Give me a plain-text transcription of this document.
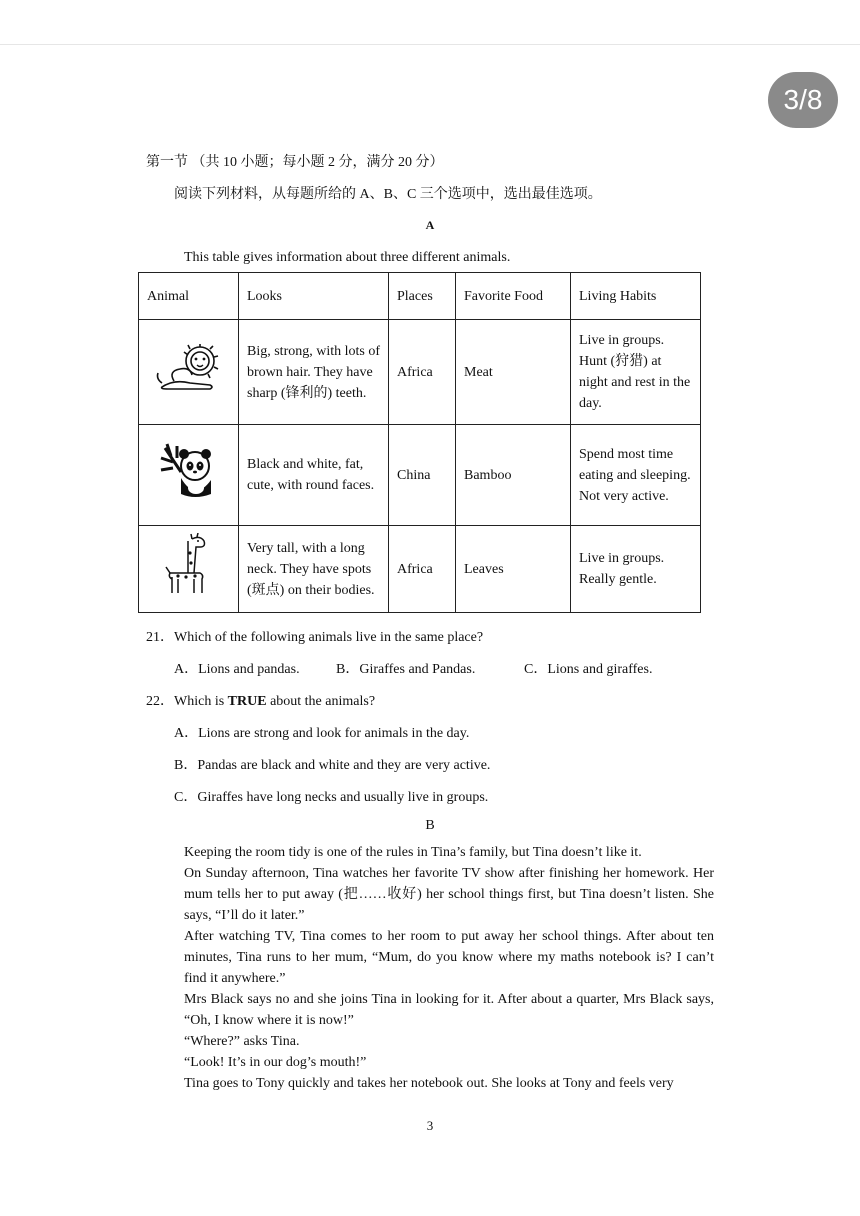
3/8
第一节 （共 10 小题；每小题 2 分，满分 20 分）
阅读下列材料，从每题所给的 A、B、C 三个选项中，选出最佳选项。
A
This table gives information about three different animals.
Animal	Looks	Places	Favorite Food	Living Habits
	Big, strong, with lots of brown hair. They have sharp (锋利的) teeth.	Africa	Meat	Live in groups. Hunt (狩猎) at night and rest in the day.
	Black and white, fat, cute, with round faces.	China	Bamboo	Spend most time eating and sleeping. Not very active.
	Very tall, with a long neck. They have spots (斑点) on their bodies.	Africa	Leaves	Live in groups. Really gentle.
21．Which of the following animals live in the same place?
A．Lions and pandas.	B．Giraffes and Pandas.	C．Lions and giraffes.
22．Which is TRUE about the animals?
A．Lions are strong and look for animals in the day.
B．Pandas are black and white and they are very active.
C．Giraffes have long necks and usually live in groups.
B
Keeping the room tidy is one of the rules in Tina’s family, but Tina doesn’t like it.
On Sunday afternoon, Tina watches her favorite TV show after finishing her homework. Her mum tells her to put away (把……收好) her school things first, but Tina doesn’t listen. She says, “I’ll do it later.”
After watching TV, Tina comes to her room to put away her school things. After about ten minutes, Tina runs to her mum, “Mum, do you know where my maths notebook is? I can’t find it anywhere.”
Mrs Black says no and she joins Tina in looking for it. After about a quarter, Mrs Black says, “Oh, I know where it is now!”
“Where?” asks Tina.
“Look! It’s in our dog’s mouth!”
Tina goes to Tony quickly and takes her notebook out. She looks at Tony and feels very
3
